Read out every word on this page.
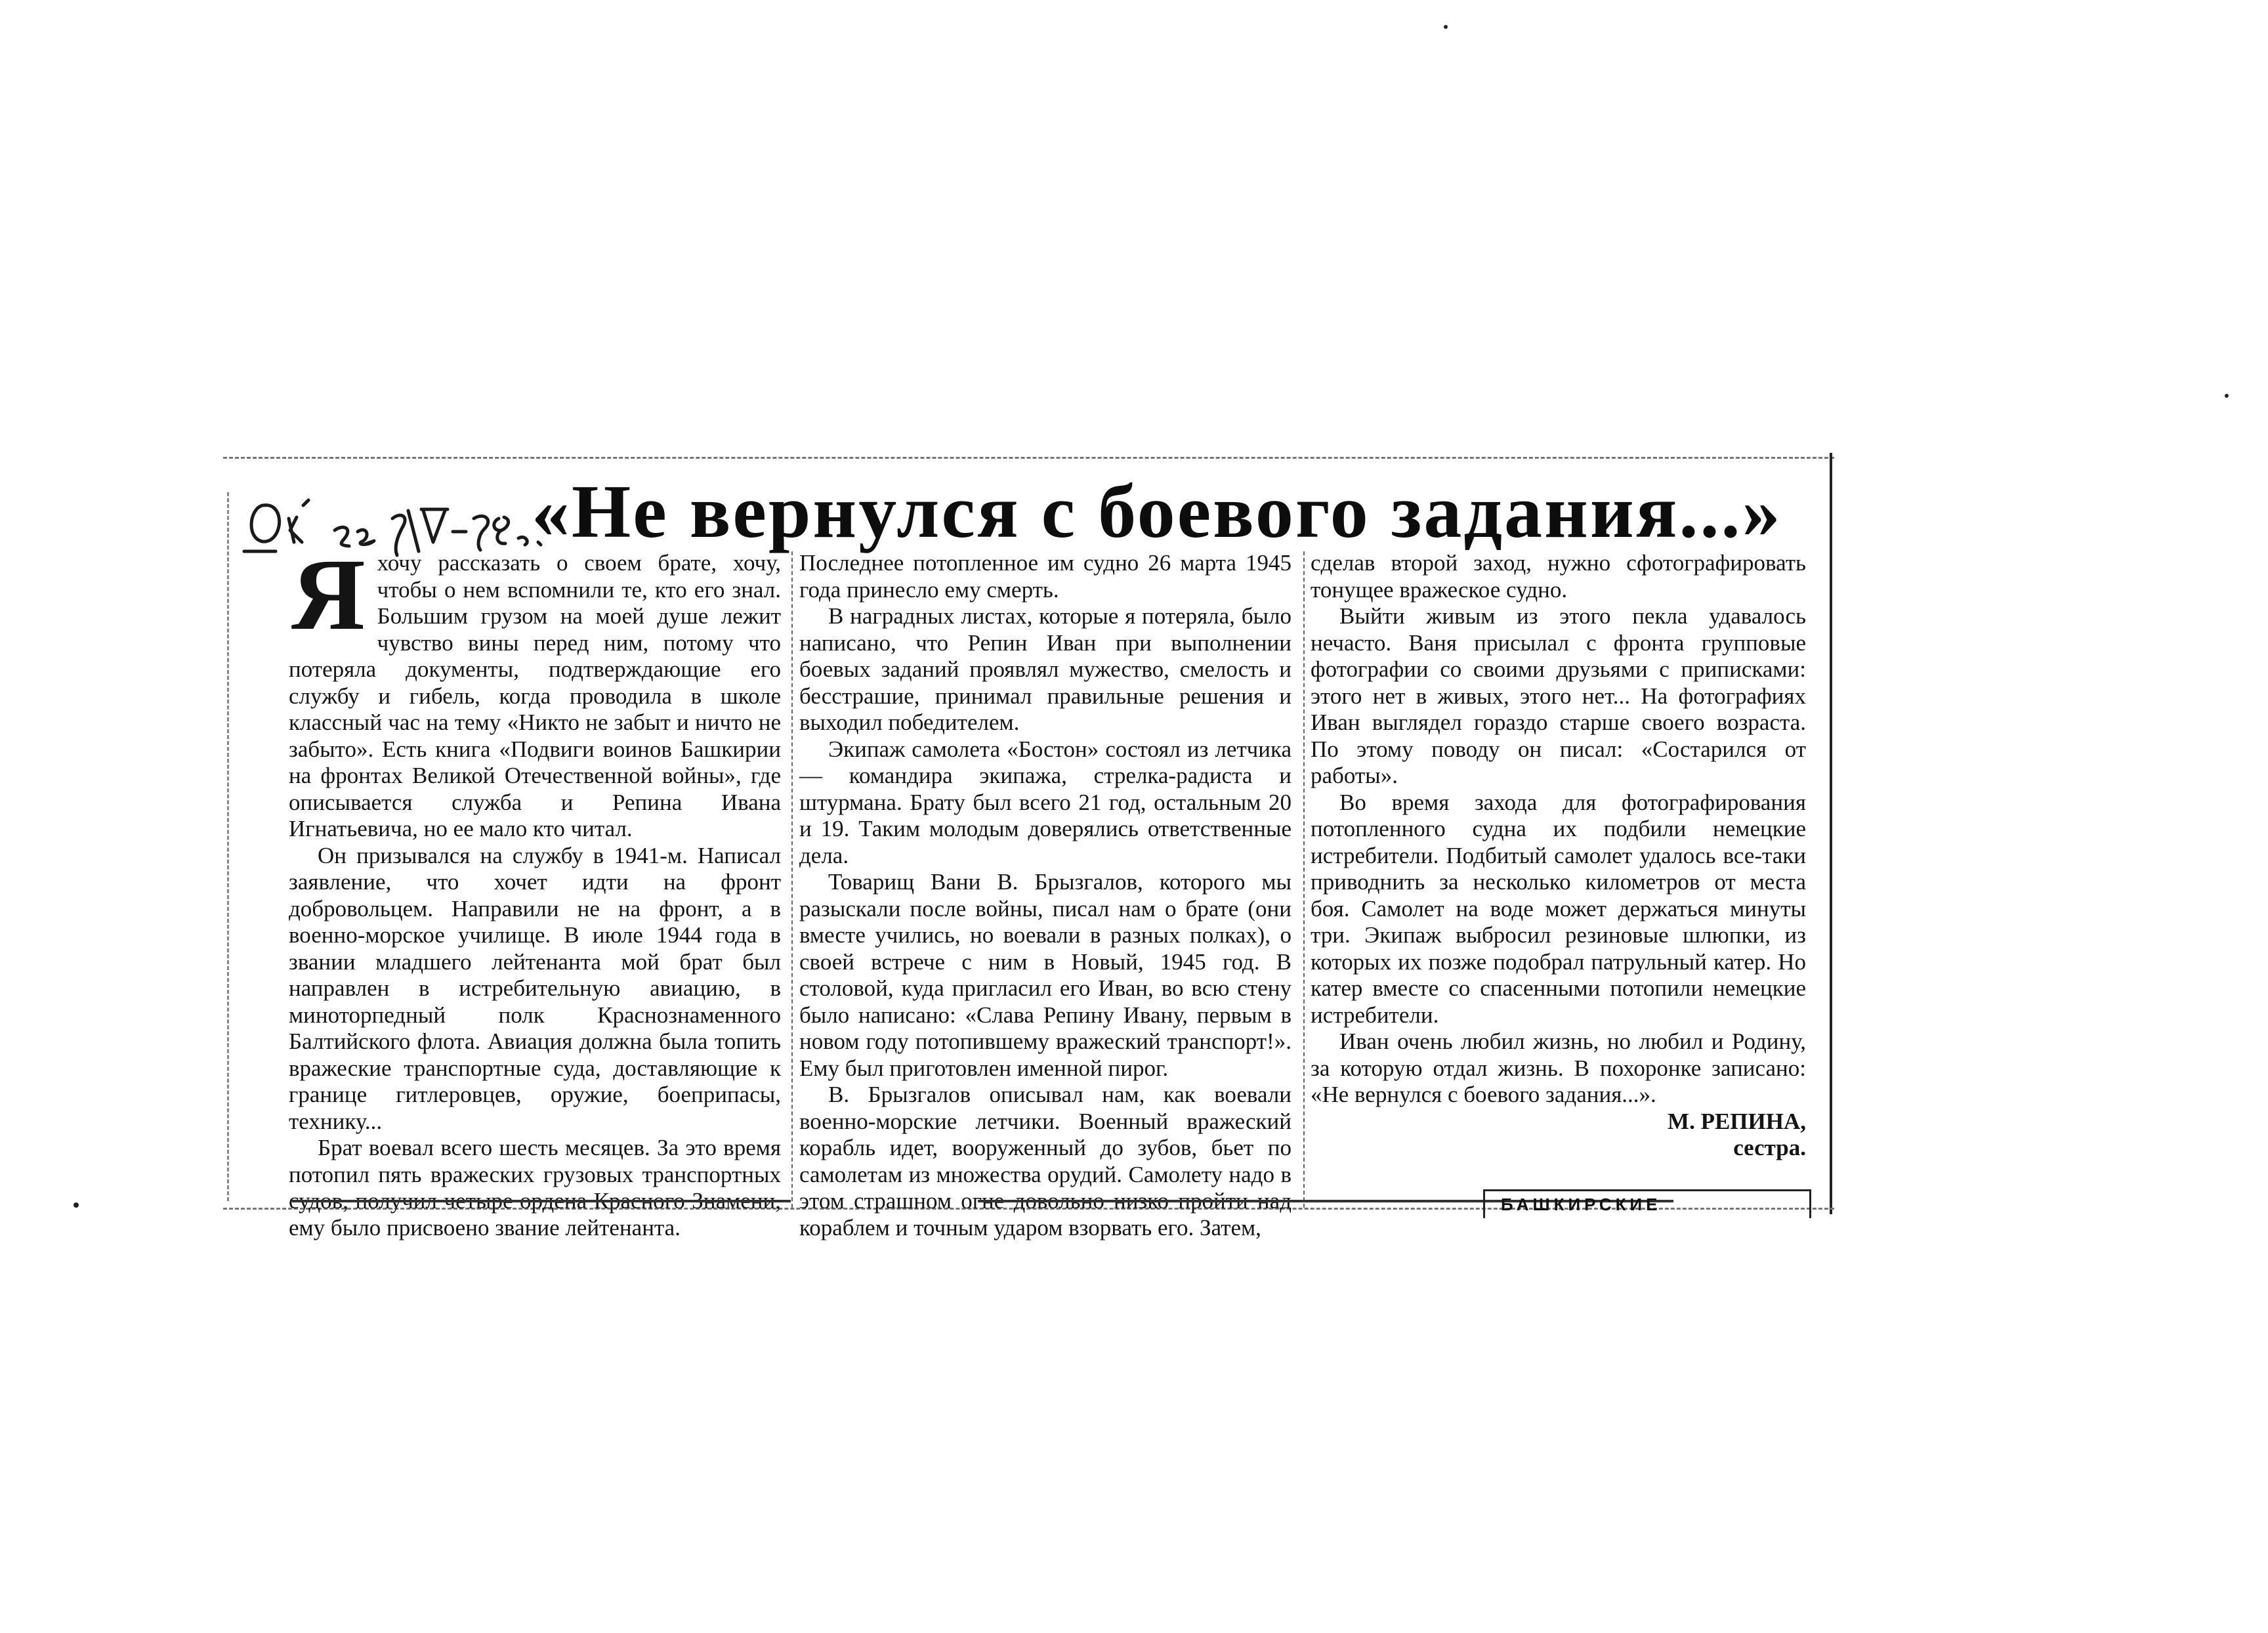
«Не вернулся с боевого задания...»
Я хочу рассказать о своем брате, хочу, чтобы о нем вспомнили те, кто его знал. Большим грузом на моей душе лежит чувство вины перед ним, потому что потеряла документы, подтверждающие его службу и гибель, когда проводила в школе классный час на тему «Никто не забыт и ничто не забыто». Есть книга «Подвиги воинов Башкирии на фронтах Великой Отечественной войны», где описывается служба и Репина Ивана Игнатьевича, но ее мало кто читал.

Он призывался на службу в 1941-м. Написал заявление, что хочет идти на фронт добровольцем. Направили не на фронт, а в военно-морское училище. В июле 1944 года в звании младшего лейтенанта мой брат был направлен в истребительную авиацию, в миноторпедный полк Краснознаменного Балтийского флота. Авиация должна была топить вражеские транспортные суда, доставляющие к границе гитлеровцев, оружие, боеприпасы, технику...

Брат воевал всего шесть месяцев. За это время потопил пять вражеских грузовых транспортных судов, получил четыре ордена Красного Знамени, ему было присвоено звание лейтенанта.

Последнее потопленное им судно 26 марта 1945 года принесло ему смерть.

В наградных листах, которые я потеряла, было написано, что Репин Иван при выполнении боевых заданий проявлял мужество, смелость и бесстрашие, принимал правильные решения и выходил победителем.

Экипаж самолета «Бостон» состоял из летчика — командира экипажа, стрелка-радиста и штурмана. Брату был всего 21 год, остальным 20 и 19. Таким молодым доверялись ответственные дела.

Товарищ Вани В. Брызгалов, которого мы разыскали после войны, писал нам о брате (они вместе учились, но воевали в разных полках), о своей встрече с ним в Новый, 1945 год. В столовой, куда пригласил его Иван, во всю стену было написано: «Слава Репину Ивану, первым в новом году потопившему вражеский транспорт!». Ему был приготовлен именной пирог.

В. Брызгалов описывал нам, как воевали военно-морские летчики. Военный вражеский корабль идет, вооруженный до зубов, бьет по самолетам из множества орудий. Самолету надо в этом страшном огне довольно низко пройти над кораблем и точным ударом взорвать его. Затем,

сделав второй заход, нужно сфотографировать тонущее вражеское судно.

Выйти живым из этого пекла удавалось нечасто. Ваня присылал с фронта групповые фотографии со своими друзьями с приписками: этого нет в живых, этого нет... На фотографиях Иван выглядел гораздо старше своего возраста. По этому поводу он писал: «Состарился от работы».

Во время захода для фотографирования потопленного судна их подбили немецкие истребители. Подбитый самолет удалось все-таки приводнить за несколько километров от места боя. Самолет на воде может держаться минуты три. Экипаж выбросил резиновые шлюпки, из которых их позже подобрал патрульный катер. Но катер вместе со спасенными потопили немецкие истребители.

Иван очень любил жизнь, но любил и Родину, за которую отдал жизнь. В похоронке записано: «Не вернулся с боевого задания...».

М. РЕПИНА,

сестра.

БАШКИРСКИЕ
